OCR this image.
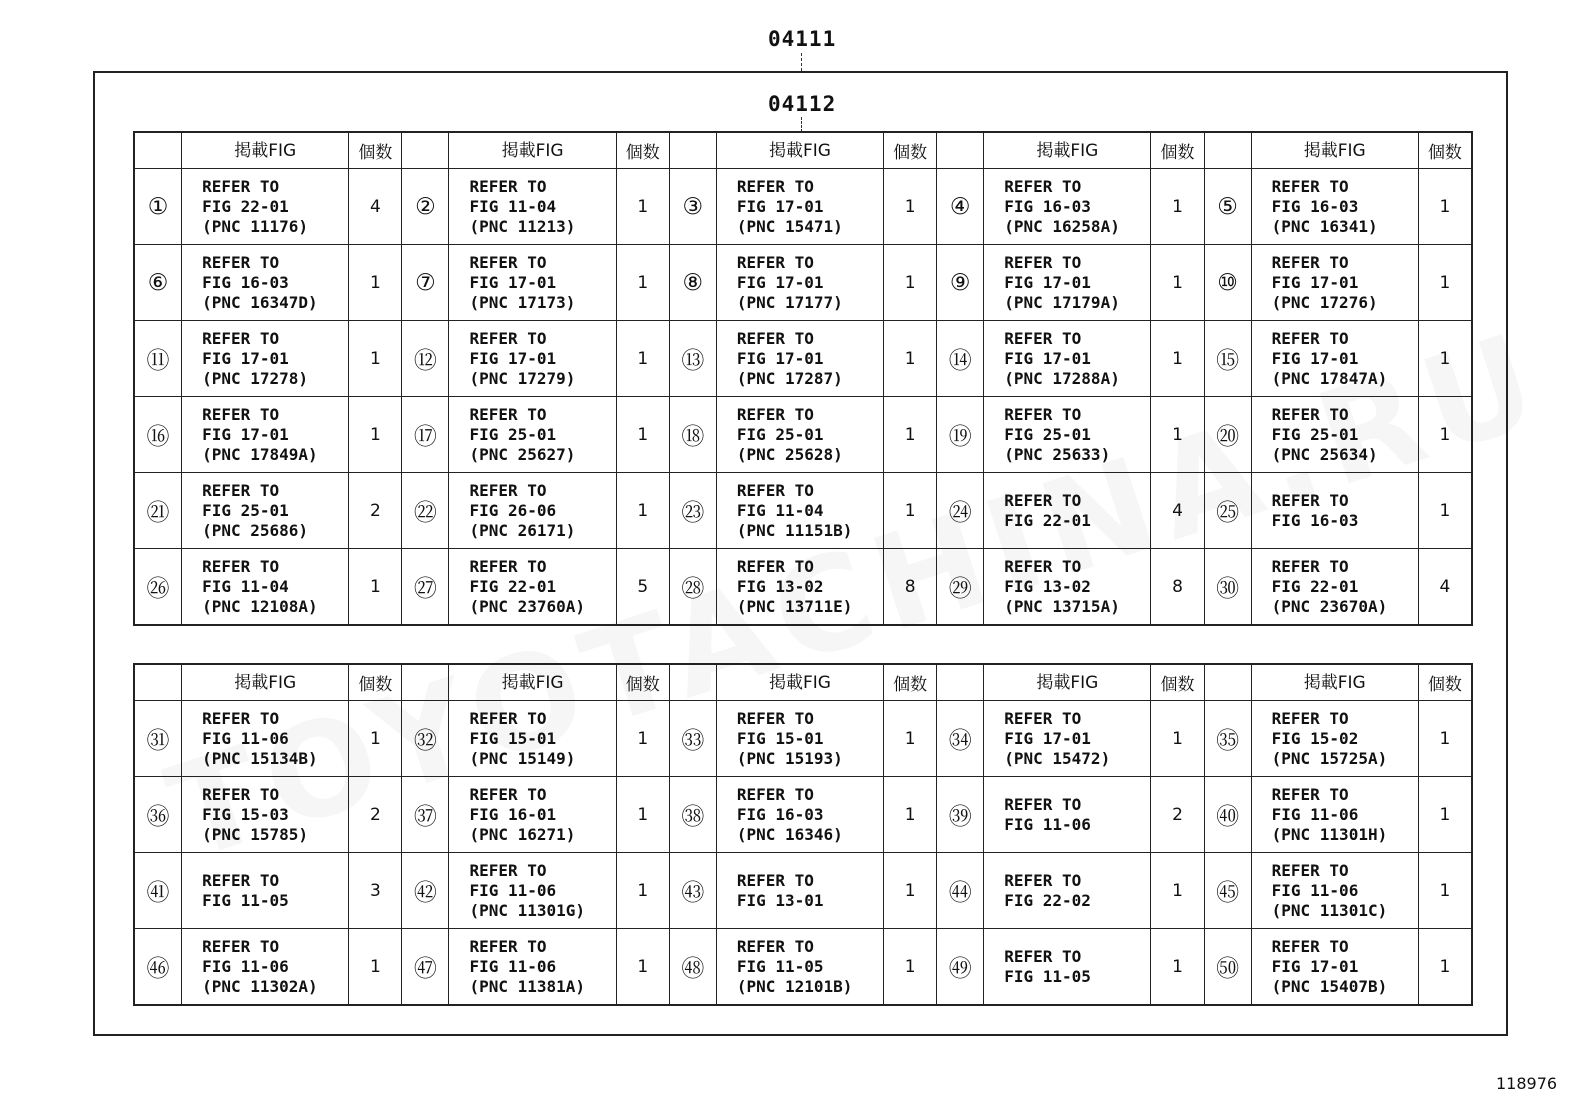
04111
04112
	掲載FIG	個数		掲載FIG	個数		掲載FIG	個数		掲載FIG	個数		掲載FIG	個数
①	REFER TO
FIG 22-01
(PNC 11176)	4	②	REFER TO
FIG 11-04
(PNC 11213)	1	③	REFER TO
FIG 17-01
(PNC 15471)	1	④	REFER TO
FIG 16-03
(PNC 16258A)	1	⑤	REFER TO
FIG 16-03
(PNC 16341)	1
⑥	REFER TO
FIG 16-03
(PNC 16347D)	1	⑦	REFER TO
FIG 17-01
(PNC 17173)	1	⑧	REFER TO
FIG 17-01
(PNC 17177)	1	⑨	REFER TO
FIG 17-01
(PNC 17179A)	1	⑩	REFER TO
FIG 17-01
(PNC 17276)	1
⑪	REFER TO
FIG 17-01
(PNC 17278)	1	⑫	REFER TO
FIG 17-01
(PNC 17279)	1	⑬	REFER TO
FIG 17-01
(PNC 17287)	1	⑭	REFER TO
FIG 17-01
(PNC 17288A)	1	⑮	REFER TO
FIG 17-01
(PNC 17847A)	1
⑯	REFER TO
FIG 17-01
(PNC 17849A)	1	⑰	REFER TO
FIG 25-01
(PNC 25627)	1	⑱	REFER TO
FIG 25-01
(PNC 25628)	1	⑲	REFER TO
FIG 25-01
(PNC 25633)	1	⑳	REFER TO
FIG 25-01
(PNC 25634)	1
㉑	REFER TO
FIG 25-01
(PNC 25686)	2	㉒	REFER TO
FIG 26-06
(PNC 26171)	1	㉓	REFER TO
FIG 11-04
(PNC 11151B)	1	㉔	REFER TO
FIG 22-01	4	㉕	REFER TO
FIG 16-03	1
㉖	REFER TO
FIG 11-04
(PNC 12108A)	1	㉗	REFER TO
FIG 22-01
(PNC 23760A)	5	㉘	REFER TO
FIG 13-02
(PNC 13711E)	8	㉙	REFER TO
FIG 13-02
(PNC 13715A)	8	㉚	REFER TO
FIG 22-01
(PNC 23670A)	4
	掲載FIG	個数		掲載FIG	個数		掲載FIG	個数		掲載FIG	個数		掲載FIG	個数
㉛	REFER TO
FIG 11-06
(PNC 15134B)	1	㉜	REFER TO
FIG 15-01
(PNC 15149)	1	㉝	REFER TO
FIG 15-01
(PNC 15193)	1	㉞	REFER TO
FIG 17-01
(PNC 15472)	1	㉟	REFER TO
FIG 15-02
(PNC 15725A)	1
㊱	REFER TO
FIG 15-03
(PNC 15785)	2	㊲	REFER TO
FIG 16-01
(PNC 16271)	1	㊳	REFER TO
FIG 16-03
(PNC 16346)	1	㊴	REFER TO
FIG 11-06	2	㊵	REFER TO
FIG 11-06
(PNC 11301H)	1
㊶	REFER TO
FIG 11-05	3	㊷	REFER TO
FIG 11-06
(PNC 11301G)	1	㊸	REFER TO
FIG 13-01	1	㊹	REFER TO
FIG 22-02	1	㊺	REFER TO
FIG 11-06
(PNC 11301C)	1
㊻	REFER TO
FIG 11-06
(PNC 11302A)	1	㊼	REFER TO
FIG 11-06
(PNC 11381A)	1	㊽	REFER TO
FIG 11-05
(PNC 12101B)	1	㊾	REFER TO
FIG 11-05	1	㊿	REFER TO
FIG 17-01
(PNC 15407B)	1
118976
